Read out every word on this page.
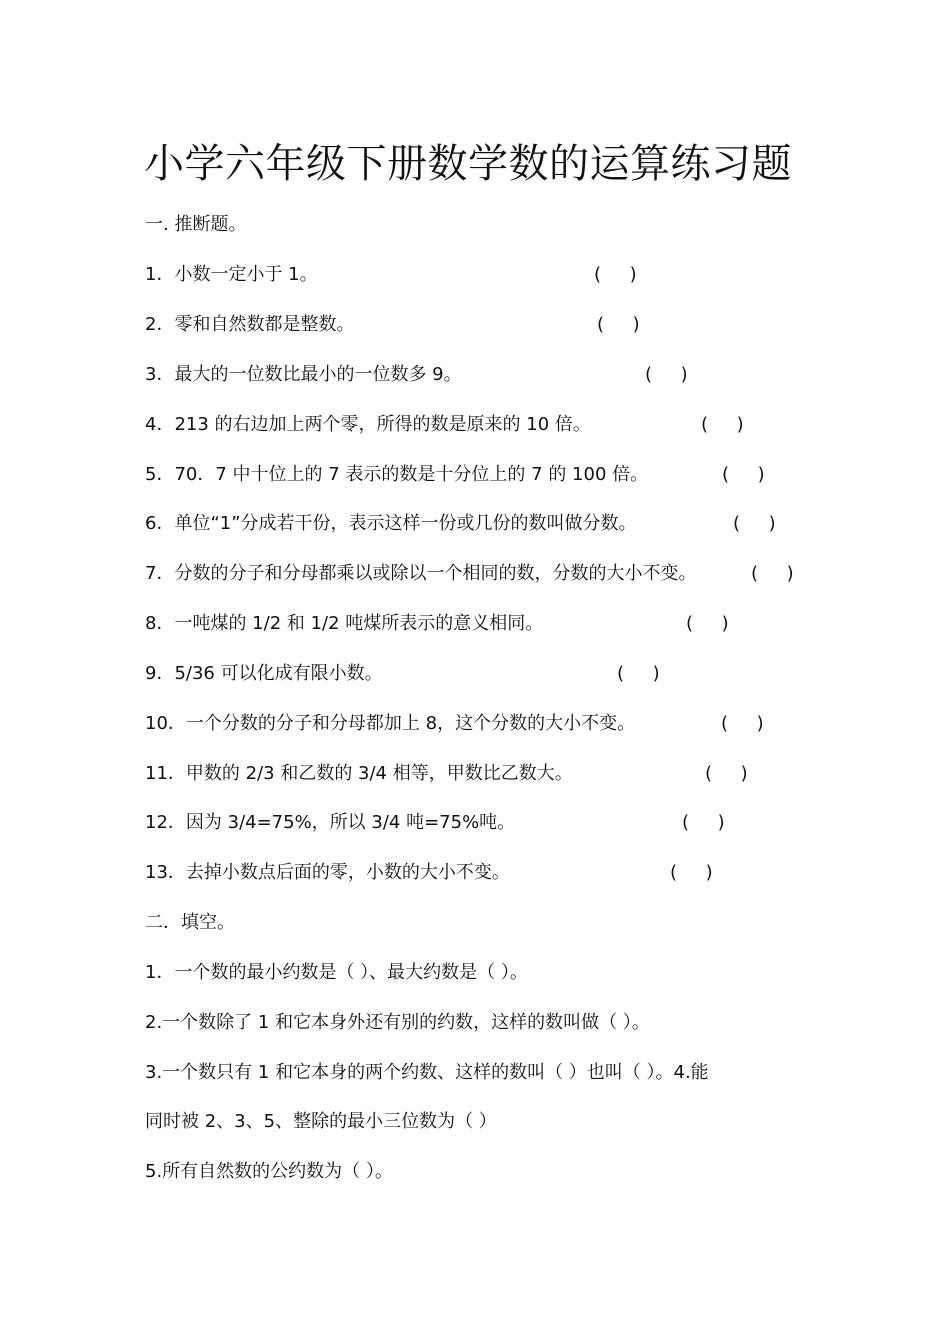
小学六年级下册数学数的运算练习题
一. 推断题。
1．小数一定小于 1。	(     )
2．零和自然数都是整数。	(     )
3．最大的一位数比最小的一位数多 9。	(     )
4．213 的右边加上两个零，所得的数是原来的 10 倍。	(     )
5．70．7 中十位上的 7 表示的数是十分位上的 7 的 100 倍。	(     )
6．单位“1”分成若干份，表示这样一份或几份的数叫做分数。	(     )
7．分数的分子和分母都乘以或除以一个相同的数，分数的大小不变。	(     )
8．一吨煤的 1/2 和 1/2 吨煤所表示的意义相同。	(     )
9．5/36 可以化成有限小数。	(     )
10．一个分数的分子和分母都加上 8，这个分数的大小不变。	(     )
11．甲数的 2/3 和乙数的 3/4 相等，甲数比乙数大。	(     )
12．因为 3/4=75%，所以 3/4 吨=75%吨。	(     )
13．去掉小数点后面的零，小数的大小不变。	(     )
二．填空。
1．一个数的最小约数是（ ）、最大约数是（ ）。
2.一个数除了 1 和它本身外还有别的约数，这样的数叫做（ ）。
3.一个数只有 1 和它本身的两个约数、这样的数叫（ ）也叫（ ）。4.能
同时被 2、3、5、整除的最小三位数为（ ）
5.所有自然数的公约数为（ ）。
